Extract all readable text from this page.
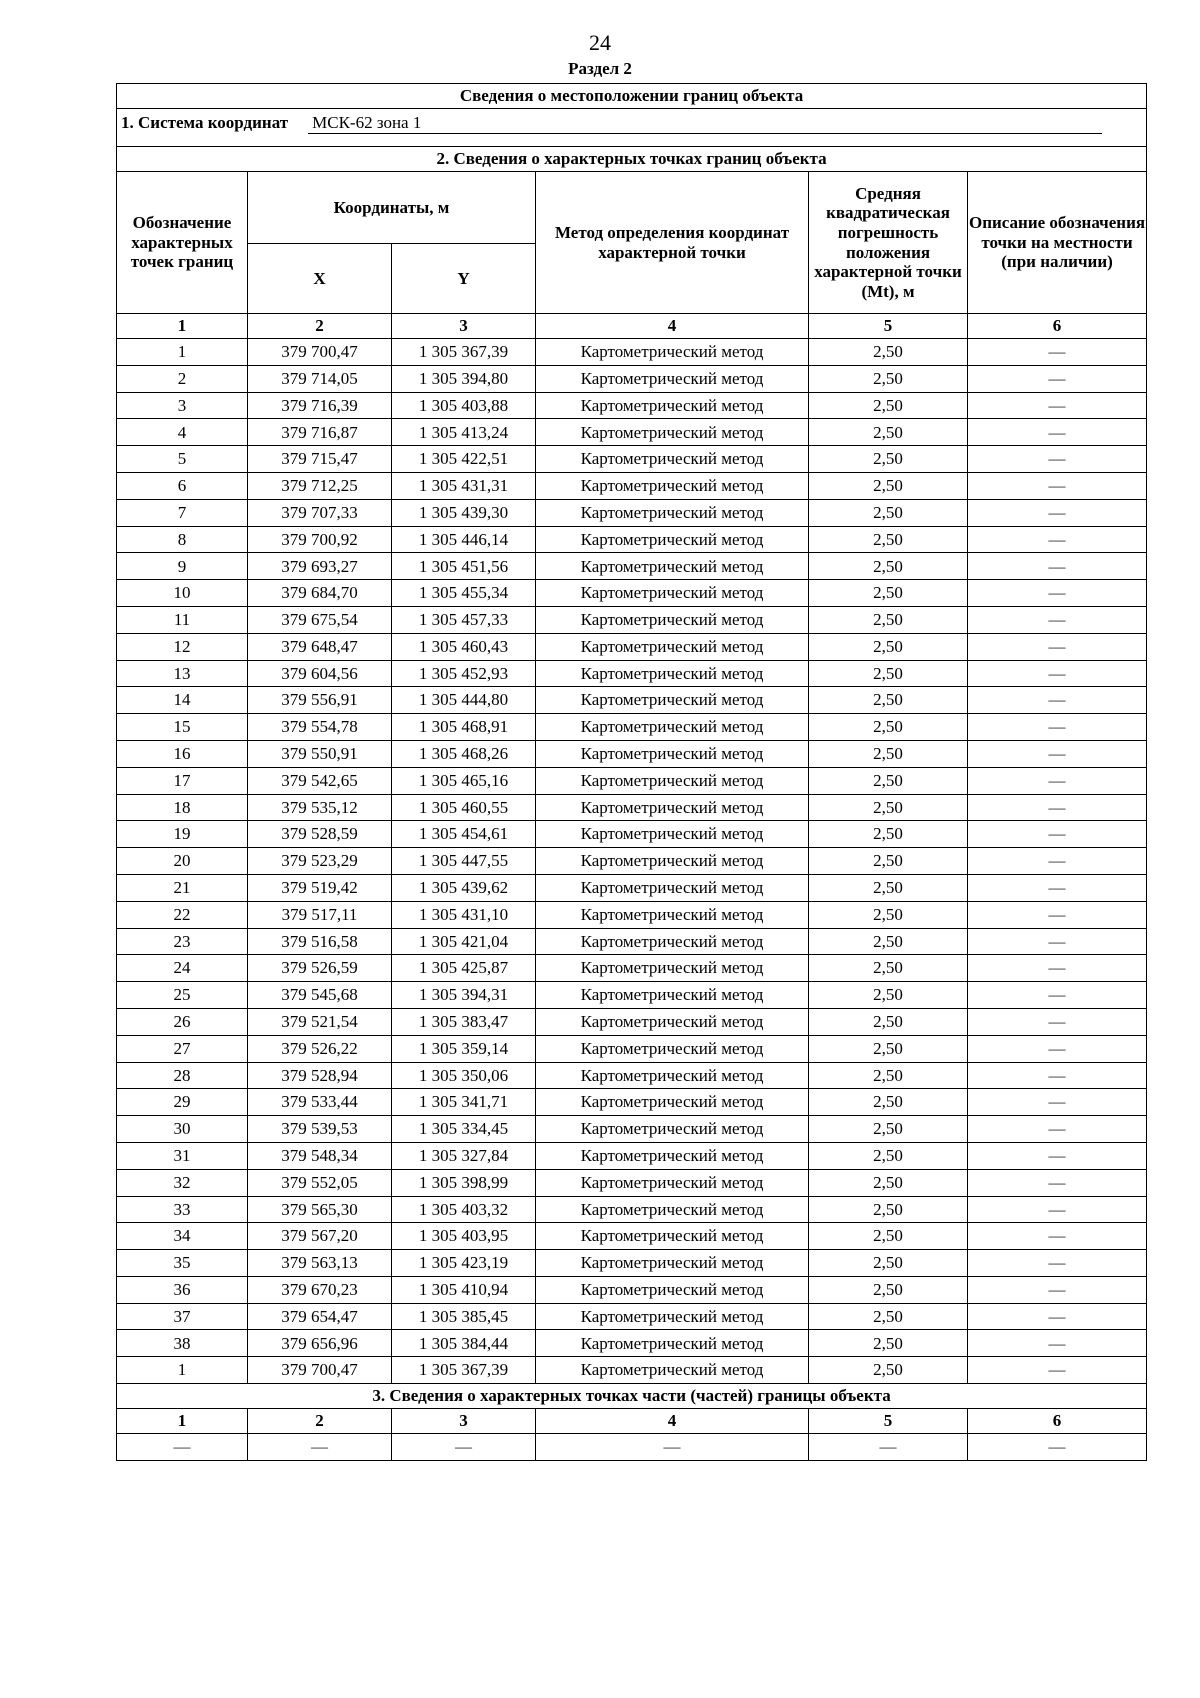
24
Раздел 2
Сведения о местоположении границ объекта					
1. Система координат МСК-62 зона 1					

2. Сведения о характерных точках границ объекта					
Обозначение характерных точек границ	Координаты, м		Метод определения координат характерной точки	Средняя квадратическая погрешность положения характерной точки (Mt), м	Описание обозначения точки на местности (при наличии)
	X	Y			
1	2	3	4	5	6
1	379 700,47	1 305 367,39	Картометрический метод	2,50	—
2	379 714,05	1 305 394,80	Картометрический метод	2,50	—
3	379 716,39	1 305 403,88	Картометрический метод	2,50	—
4	379 716,87	1 305 413,24	Картометрический метод	2,50	—
5	379 715,47	1 305 422,51	Картометрический метод	2,50	—
6	379 712,25	1 305 431,31	Картометрический метод	2,50	—
7	379 707,33	1 305 439,30	Картометрический метод	2,50	—
8	379 700,92	1 305 446,14	Картометрический метод	2,50	—
9	379 693,27	1 305 451,56	Картометрический метод	2,50	—
10	379 684,70	1 305 455,34	Картометрический метод	2,50	—
11	379 675,54	1 305 457,33	Картометрический метод	2,50	—
12	379 648,47	1 305 460,43	Картометрический метод	2,50	—
13	379 604,56	1 305 452,93	Картометрический метод	2,50	—
14	379 556,91	1 305 444,80	Картометрический метод	2,50	—
15	379 554,78	1 305 468,91	Картометрический метод	2,50	—
16	379 550,91	1 305 468,26	Картометрический метод	2,50	—
17	379 542,65	1 305 465,16	Картометрический метод	2,50	—
18	379 535,12	1 305 460,55	Картометрический метод	2,50	—
19	379 528,59	1 305 454,61	Картометрический метод	2,50	—
20	379 523,29	1 305 447,55	Картометрический метод	2,50	—
21	379 519,42	1 305 439,62	Картометрический метод	2,50	—
22	379 517,11	1 305 431,10	Картометрический метод	2,50	—
23	379 516,58	1 305 421,04	Картометрический метод	2,50	—
24	379 526,59	1 305 425,87	Картометрический метод	2,50	—
25	379 545,68	1 305 394,31	Картометрический метод	2,50	—
26	379 521,54	1 305 383,47	Картометрический метод	2,50	—
27	379 526,22	1 305 359,14	Картометрический метод	2,50	—
28	379 528,94	1 305 350,06	Картометрический метод	2,50	—
29	379 533,44	1 305 341,71	Картометрический метод	2,50	—
30	379 539,53	1 305 334,45	Картометрический метод	2,50	—
31	379 548,34	1 305 327,84	Картометрический метод	2,50	—
32	379 552,05	1 305 398,99	Картометрический метод	2,50	—
33	379 565,30	1 305 403,32	Картометрический метод	2,50	—
34	379 567,20	1 305 403,95	Картометрический метод	2,50	—
35	379 563,13	1 305 423,19	Картометрический метод	2,50	—
36	379 670,23	1 305 410,94	Картометрический метод	2,50	—
37	379 654,47	1 305 385,45	Картометрический метод	2,50	—
38	379 656,96	1 305 384,44	Картометрический метод	2,50	—
1	379 700,47	1 305 367,39	Картометрический метод	2,50	—
3. Сведения о характерных точках части (частей) границы объекта					
1	2	3	4	5	6
—	—	—	—	—	—
